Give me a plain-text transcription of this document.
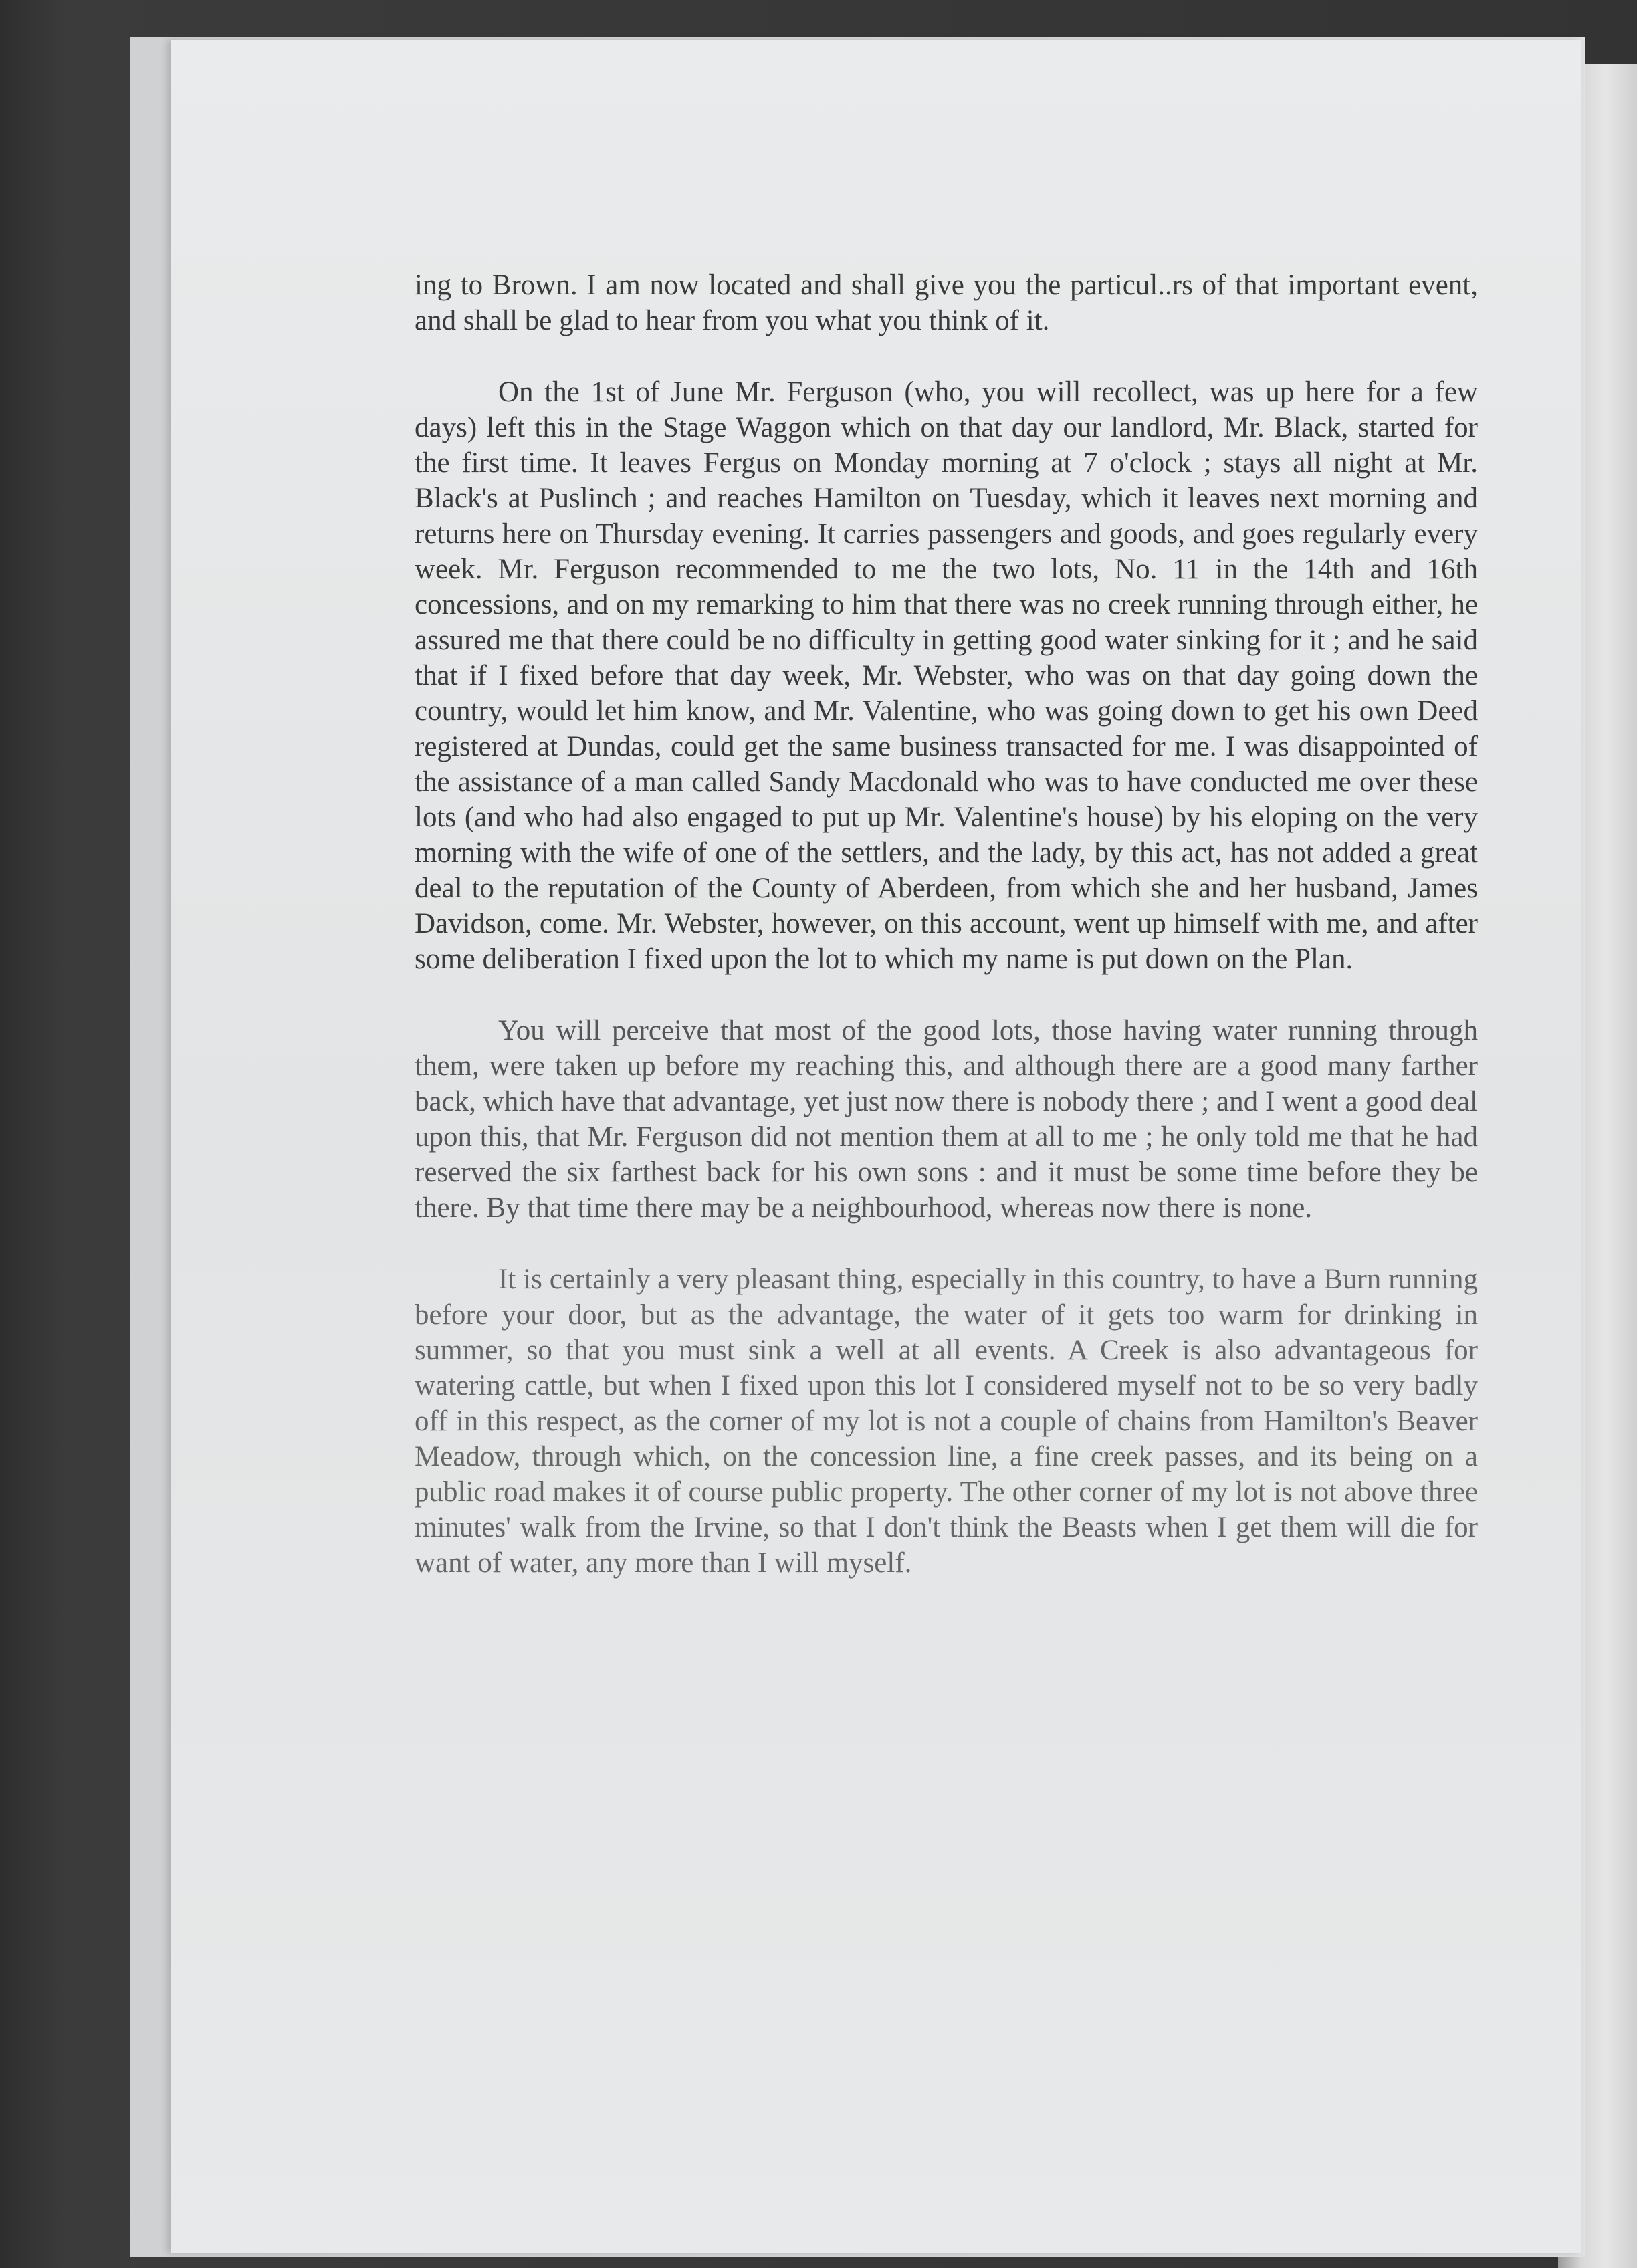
ing to Brown. I am now located and shall give you the particul..rs of that important event, and shall be glad to hear from you what you think of it.

On the 1st of June Mr. Ferguson (who, you will recollect, was up here for a few days) left this in the Stage Waggon which on that day our landlord, Mr. Black, started for the first time. It leaves Fergus on Monday morning at 7 o'clock ; stays all night at Mr. Black's at Puslinch ; and reaches Hamilton on Tuesday, which it leaves next morning and returns here on Thursday evening. It carries passengers and goods, and goes regularly every week. Mr. Ferguson recommended to me the two lots, No. 11 in the 14th and 16th concessions, and on my remarking to him that there was no creek running through either, he assured me that there could be no difficulty in getting good water sinking for it ; and he said that if I fixed before that day week, Mr. Webster, who was on that day going down the country, would let him know, and Mr. Valentine, who was going down to get his own Deed registered at Dundas, could get the same business transacted for me. I was disappointed of the assistance of a man called Sandy Macdonald who was to have conducted me over these lots (and who had also engaged to put up Mr. Valentine's house) by his eloping on the very morning with the wife of one of the settlers, and the lady, by this act, has not added a great deal to the reputation of the County of Aberdeen, from which she and her husband, James Davidson, come. Mr. Webster, however, on this account, went up himself with me, and after some deliberation I fixed upon the lot to which my name is put down on the Plan.

You will perceive that most of the good lots, those having water running through them, were taken up before my reaching this, and although there are a good many farther back, which have that advantage, yet just now there is nobody there ; and I went a good deal upon this, that Mr. Ferguson did not mention them at all to me ; he only told me that he had reserved the six farthest back for his own sons : and it must be some time before they be there. By that time there may be a neighbourhood, whereas now there is none.

It is certainly a very pleasant thing, especially in this country, to have a Burn running before your door, but as the advantage, the water of it gets too warm for drinking in summer, so that you must sink a well at all events. A Creek is also advantageous for watering cattle, but when I fixed upon this lot I considered myself not to be so very badly off in this respect, as the corner of my lot is not a couple of chains from Hamilton's Beaver Meadow, through which, on the concession line, a fine creek passes, and its being on a public road makes it of course public property. The other corner of my lot is not above three minutes' walk from the Irvine, so that I don't think the Beasts when I get them will die for want of water, any more than I will myself.
